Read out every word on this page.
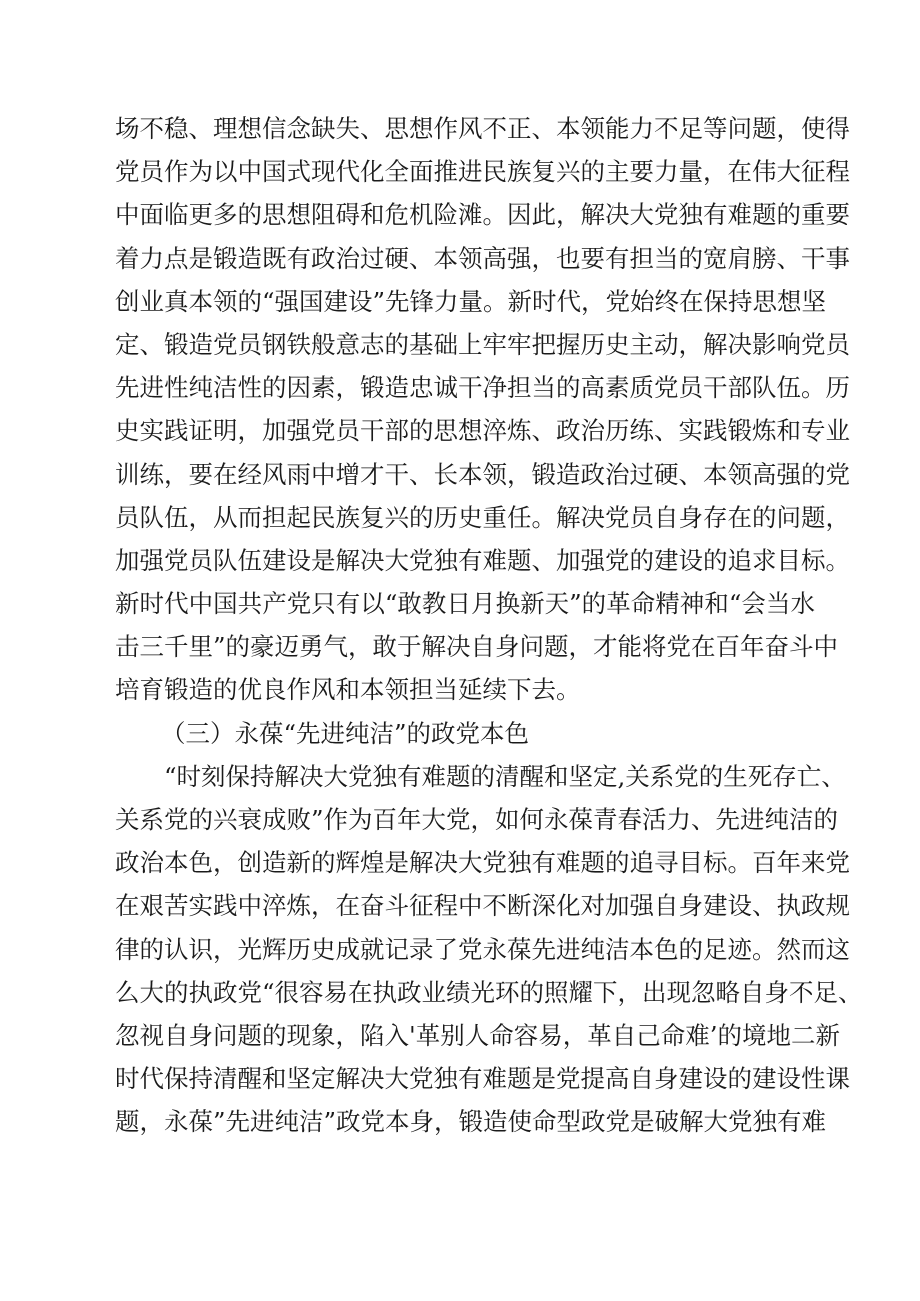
场不稳、理想信念缺失、思想作风不正、本领能力不足等问题，使得
党员作为以中国式现代化全面推进民族复兴的主要力量，在伟大征程
中面临更多的思想阻碍和危机险滩。因此，解决大党独有难题的重要
着力点是锻造既有政治过硬、本领高强，也要有担当的宽肩膀、干事
创业真本领的“强国建设”先锋力量。新时代，党始终在保持思想坚
定、锻造党员钢铁般意志的基础上牢牢把握历史主动，解决影响党员
先进性纯洁性的因素，锻造忠诚干净担当的高素质党员干部队伍。历
史实践证明，加强党员干部的思想淬炼、政治历练、实践锻炼和专业
训练，要在经风雨中增才干、长本领，锻造政治过硬、本领高强的党
员队伍，从而担起民族复兴的历史重任。解决党员自身存在的问题，
加强党员队伍建设是解决大党独有难题、加强党的建设的追求目标。
新时代中国共产党只有以“敢教日月换新天”的革命精神和“会当水
击三千里”的豪迈勇气，敢于解决自身问题，才能将党在百年奋斗中
培育锻造的优良作风和本领担当延续下去。
（三）永葆“先进纯洁”的政党本色
“时刻保持解决大党独有难题的清醒和坚定,关系党的生死存亡、
关系党的兴衰成败”作为百年大党，如何永葆青春活力、先进纯洁的
政治本色，创造新的辉煌是解决大党独有难题的追寻目标。百年来党
在艰苦实践中淬炼，在奋斗征程中不断深化对加强自身建设、执政规
律的认识，光辉历史成就记录了党永葆先进纯洁本色的足迹。然而这
么大的执政党“很容易在执政业绩光环的照耀下，出现忽略自身不足、
忽视自身问题的现象，陷入'革别人命容易，革自己命难’的境地二新
时代保持清醒和坚定解决大党独有难题是党提高自身建设的建设性课
题，永葆”先进纯洁”政党本身，锻造使命型政党是破解大党独有难
